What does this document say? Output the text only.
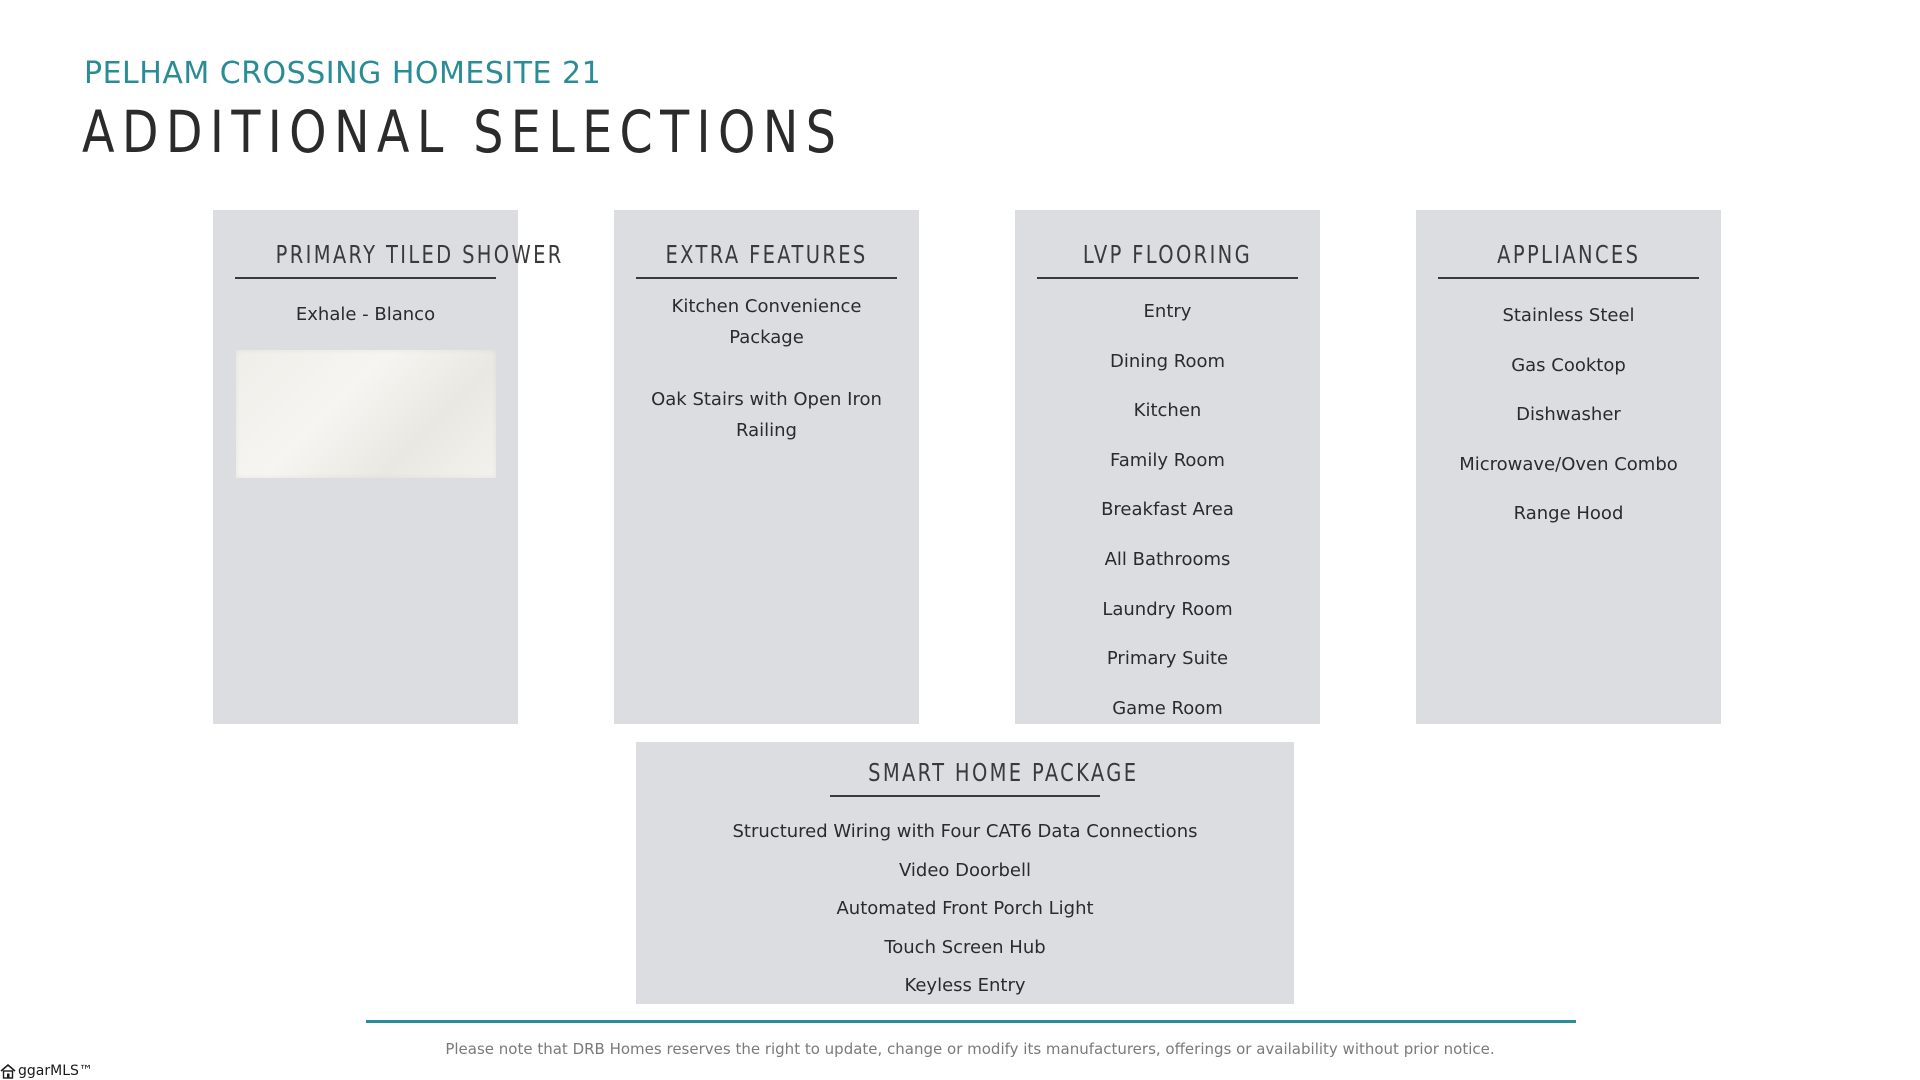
PELHAM CROSSING HOMESITE 21
ADDITIONAL SELECTIONS
PRIMARY TILED SHOWER
Exhale - Blanco
EXTRA FEATURES
Kitchen Convenience Package
Oak Stairs with Open Iron Railing
LVP FLOORING
Entry
Dining Room
Kitchen
Family Room
Breakfast Area
All Bathrooms
Laundry Room
Primary Suite
Game Room
APPLIANCES
Stainless Steel
Gas Cooktop
Dishwasher
Microwave/Oven Combo
Range Hood
SMART HOME PACKAGE
Structured Wiring with Four CAT6 Data Connections
Video Doorbell
Automated Front Porch Light
Touch Screen Hub
Keyless Entry
Please note that DRB Homes reserves the right to update, change or modify its manufacturers, offerings or availability without prior notice.
ggarMLS™
